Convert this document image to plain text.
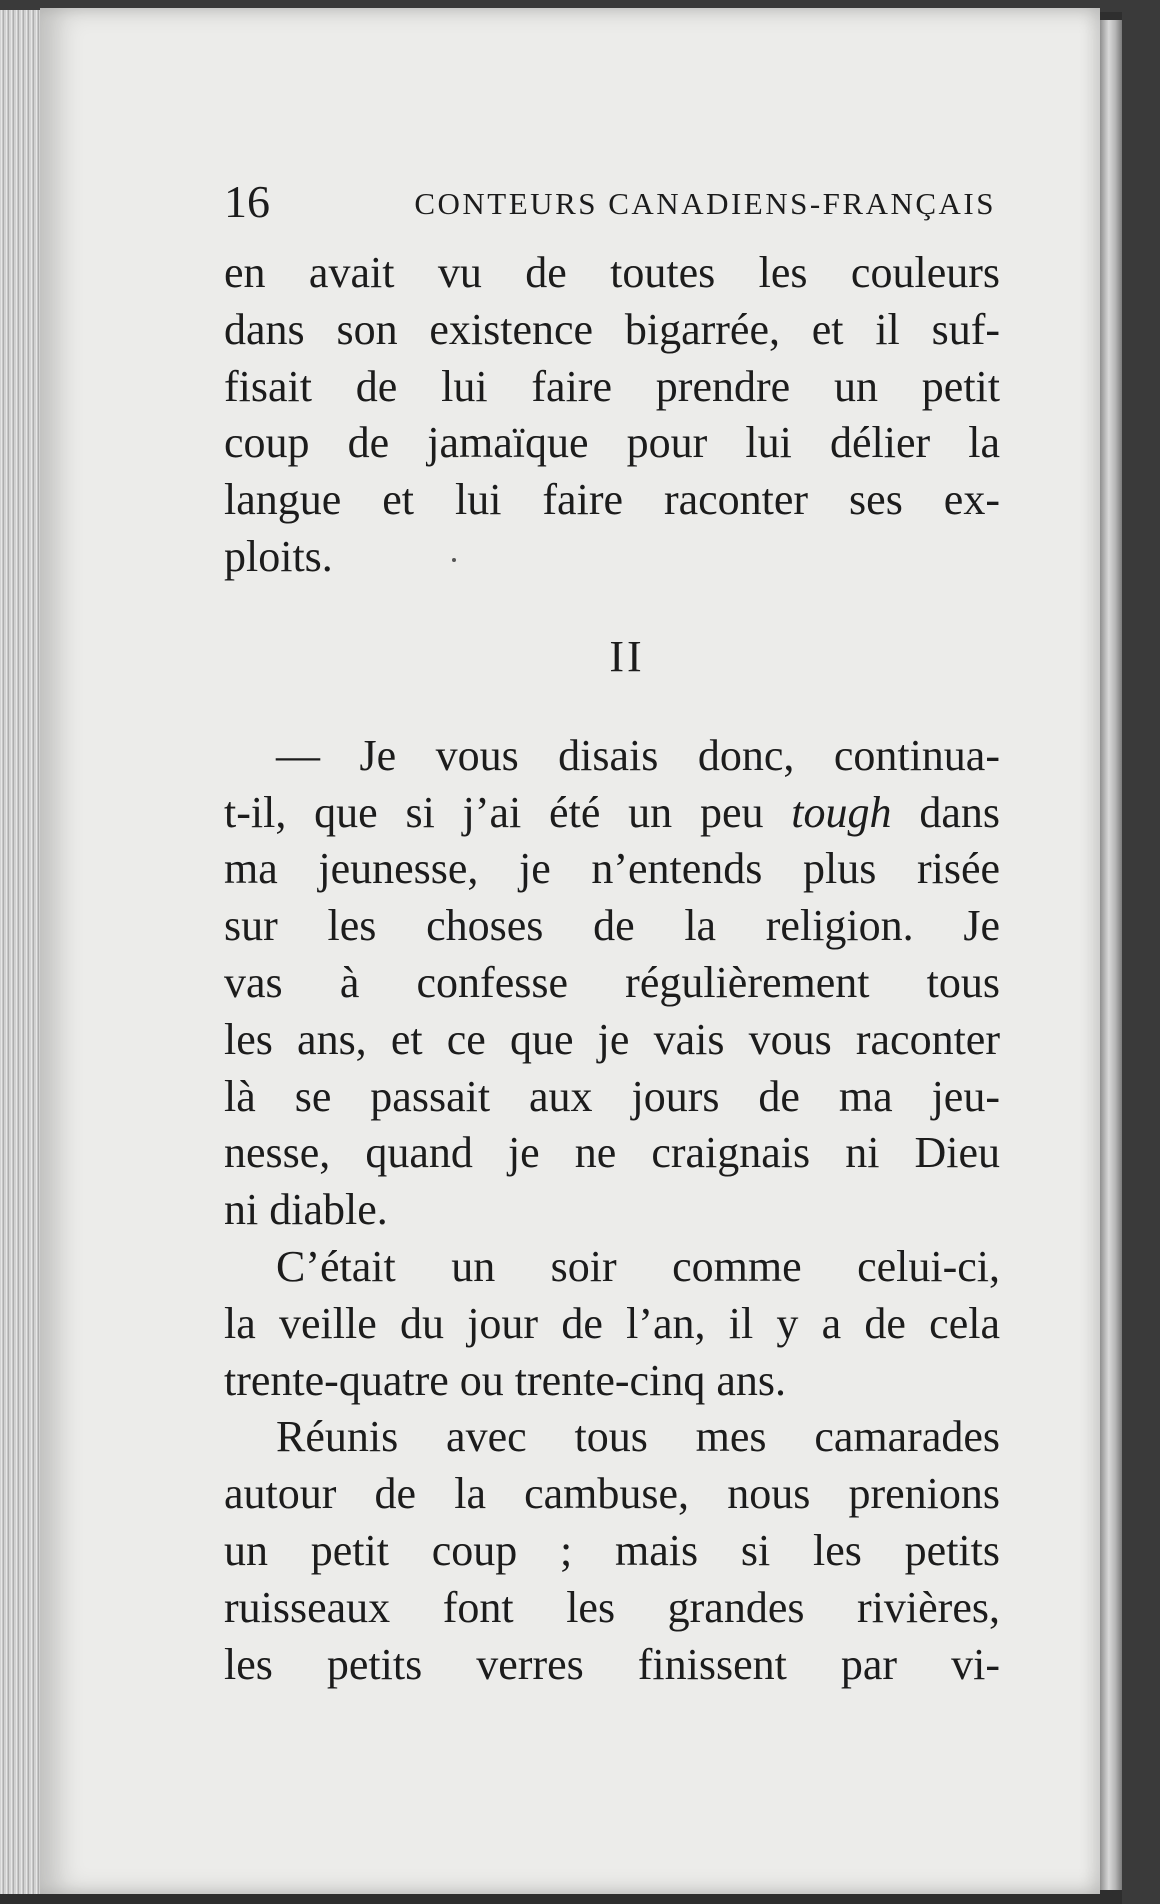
16	CONTEURS CANADIENS-FRANÇAIS
en avait vu de toutes les couleurs
dans son existence bigarrée, et il suf-
fisait de lui faire prendre un petit
coup de jamaïque pour lui délier la
langue et lui faire raconter ses ex-
ploits.
II
— Je vous disais donc, continua-
t-il, que si j’ai été un peu tough dans
ma jeunesse, je n’entends plus risée
sur les choses de la religion. Je
vas à confesse régulièrement tous
les ans, et ce que je vais vous raconter
là se passait aux jours de ma jeu-
nesse, quand je ne craignais ni Dieu
ni diable.
C’était un soir comme celui-ci,
la veille du jour de l’an, il y a de cela
trente-quatre ou trente-cinq ans.
Réunis avec tous mes camarades
autour de la cambuse, nous prenions
un petit coup ; mais si les petits
ruisseaux font les grandes rivières,
les petits verres finissent par vi-
